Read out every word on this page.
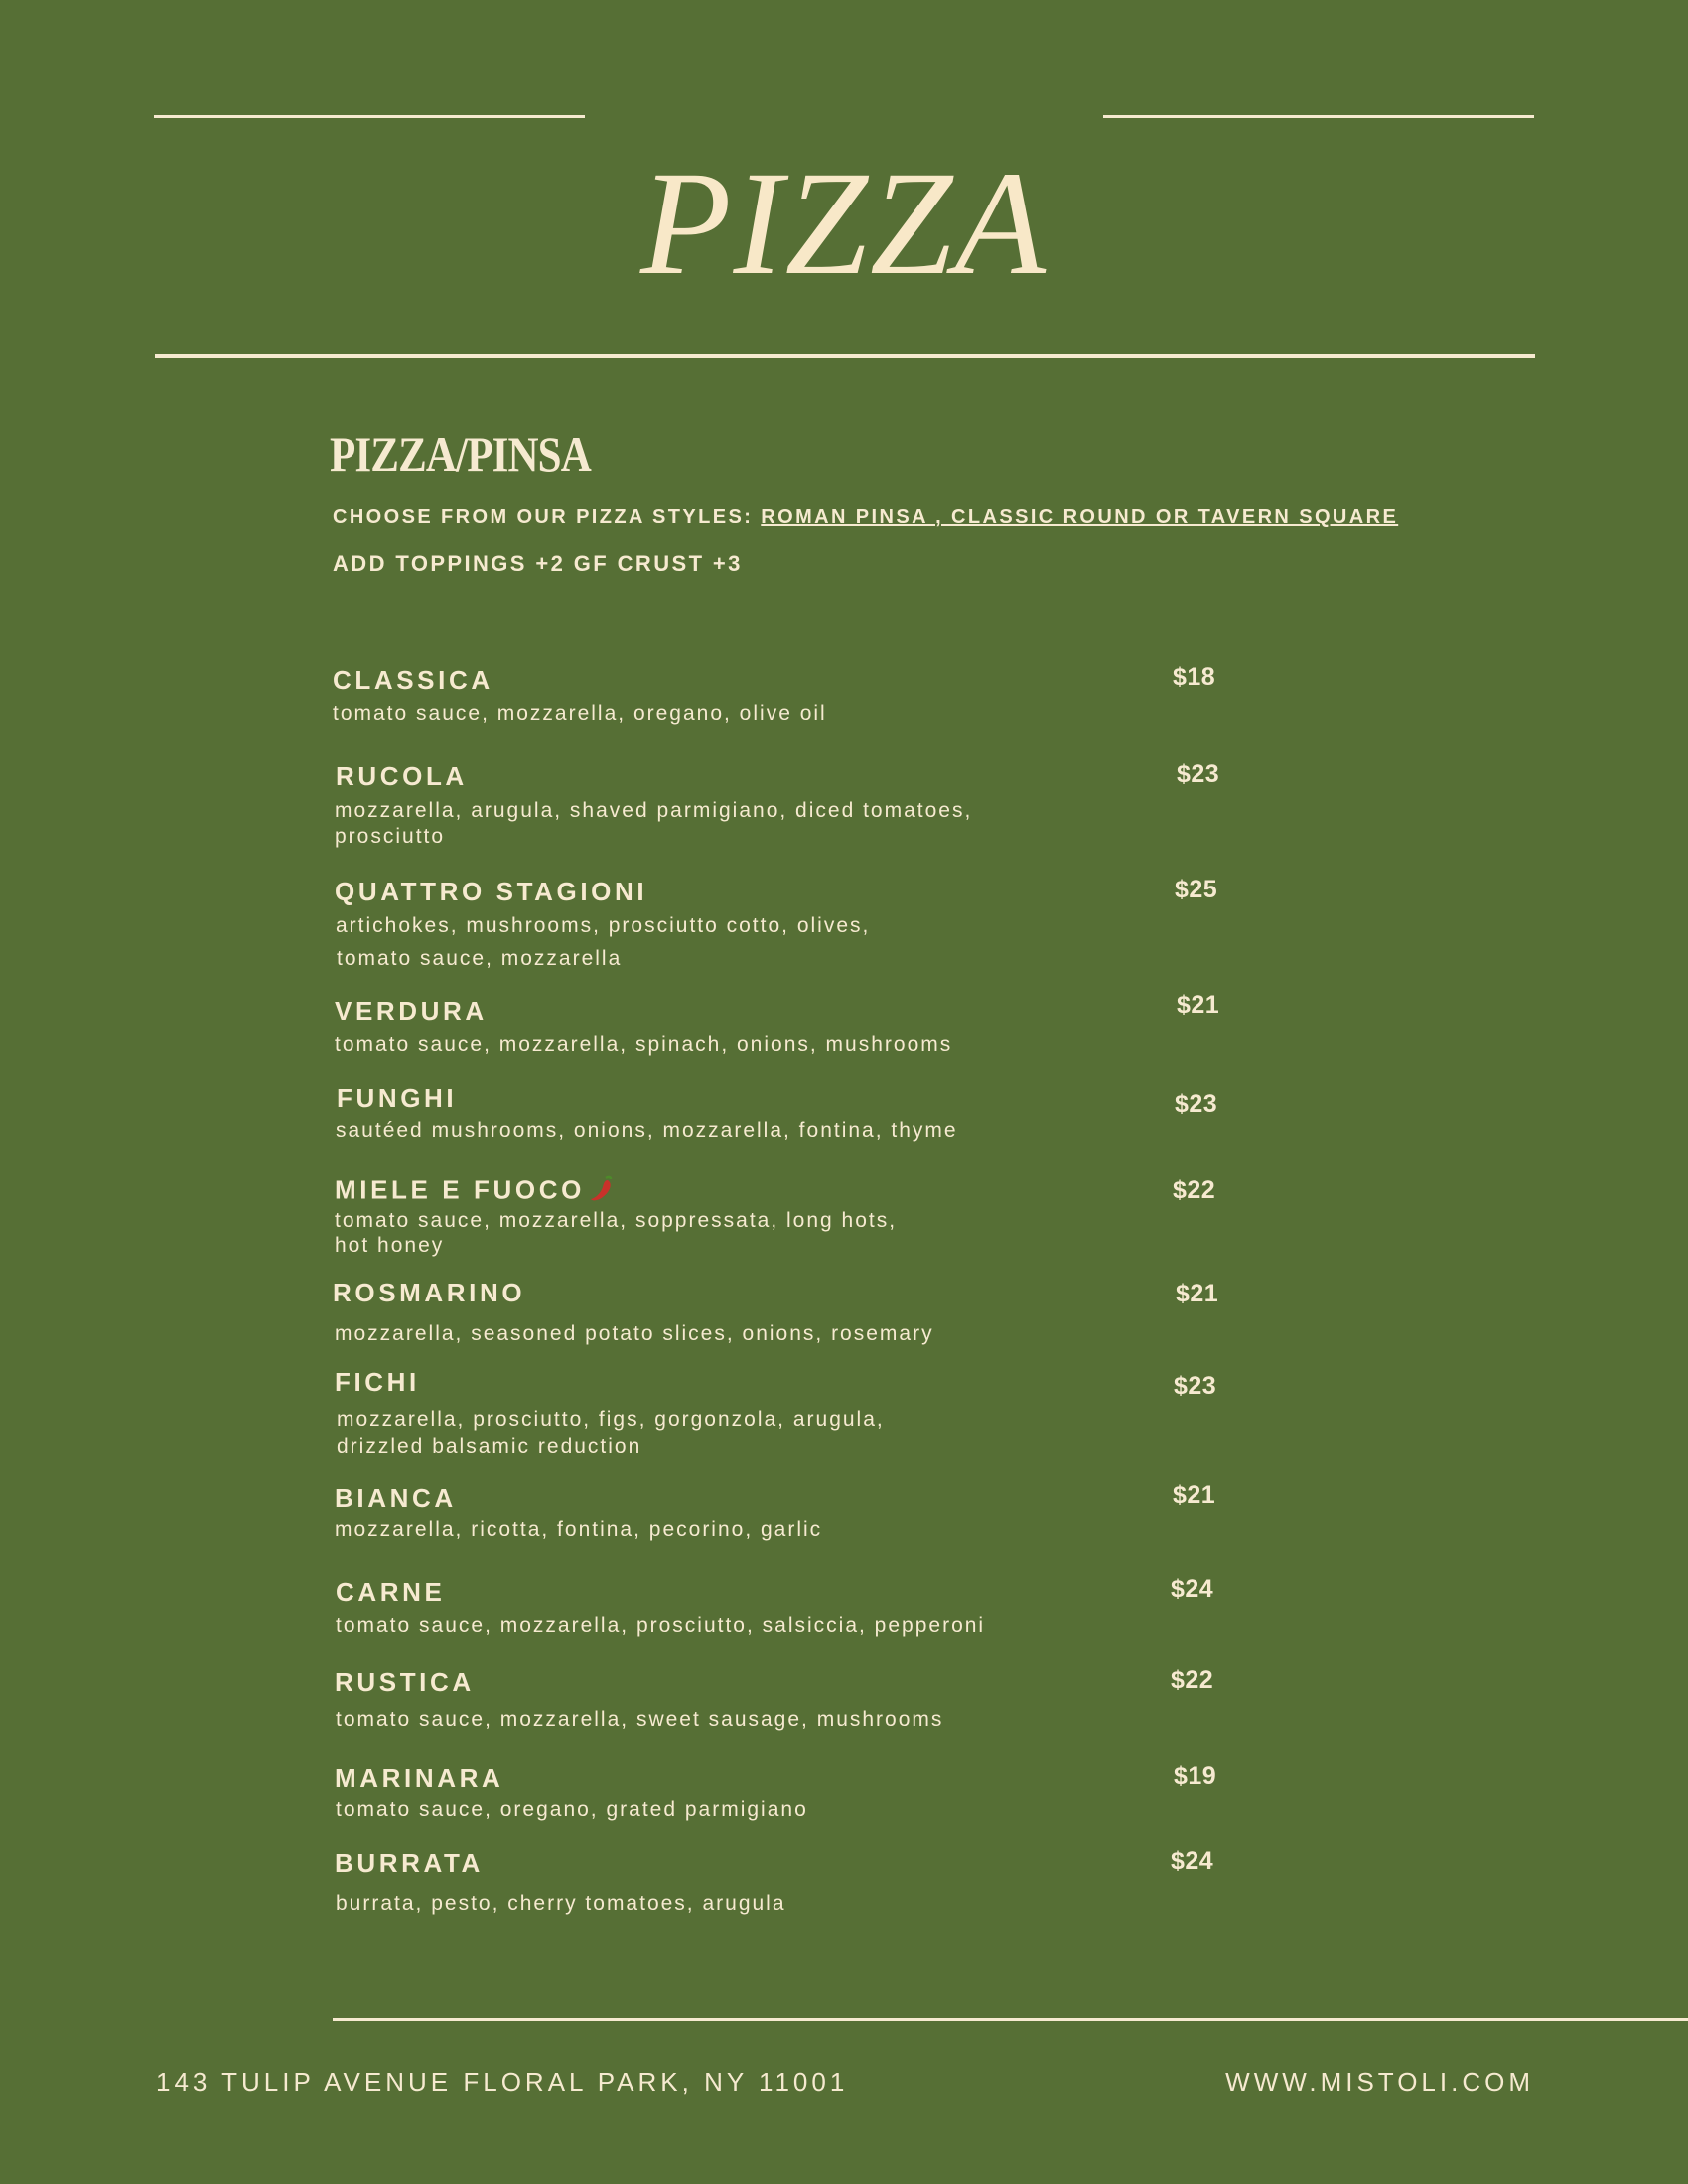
PIZZA
PIZZA/PINSA
CHOOSE FROM OUR PIZZA STYLES: ROMAN PINSA , CLASSIC ROUND OR TAVERN SQUARE
ADD TOPPINGS +2 GF CRUST +3
CLASSICA
tomato sauce, mozzarella, oregano, olive oil
$18
RUCOLA
mozzarella, arugula, shaved parmigiano, diced tomatoes,
prosciutto
$23
QUATTRO STAGIONI
artichokes, mushrooms, prosciutto cotto, olives,
tomato sauce, mozzarella
$25
VERDURA
tomato sauce, mozzarella, spinach, onions, mushrooms
$21
FUNGHI
sautéed mushrooms, onions, mozzarella, fontina, thyme
$23
MIELE E FUOCO
tomato sauce, mozzarella, soppressata, long hots,
hot honey
$22
ROSMARINO
mozzarella, seasoned potato slices, onions, rosemary
$21
FICHI
mozzarella, prosciutto, figs, gorgonzola, arugula,
drizzled balsamic reduction
$23
BIANCA
mozzarella, ricotta, fontina, pecorino, garlic
$21
CARNE
tomato sauce, mozzarella, prosciutto, salsiccia, pepperoni
$24
RUSTICA
tomato sauce, mozzarella, sweet sausage, mushrooms
$22
MARINARA
tomato sauce, oregano, grated parmigiano
$19
BURRATA
burrata, pesto, cherry tomatoes, arugula
$24
143 TULIP AVENUE FLORAL PARK, NY 11001	WWW.MISTOLI.COM
